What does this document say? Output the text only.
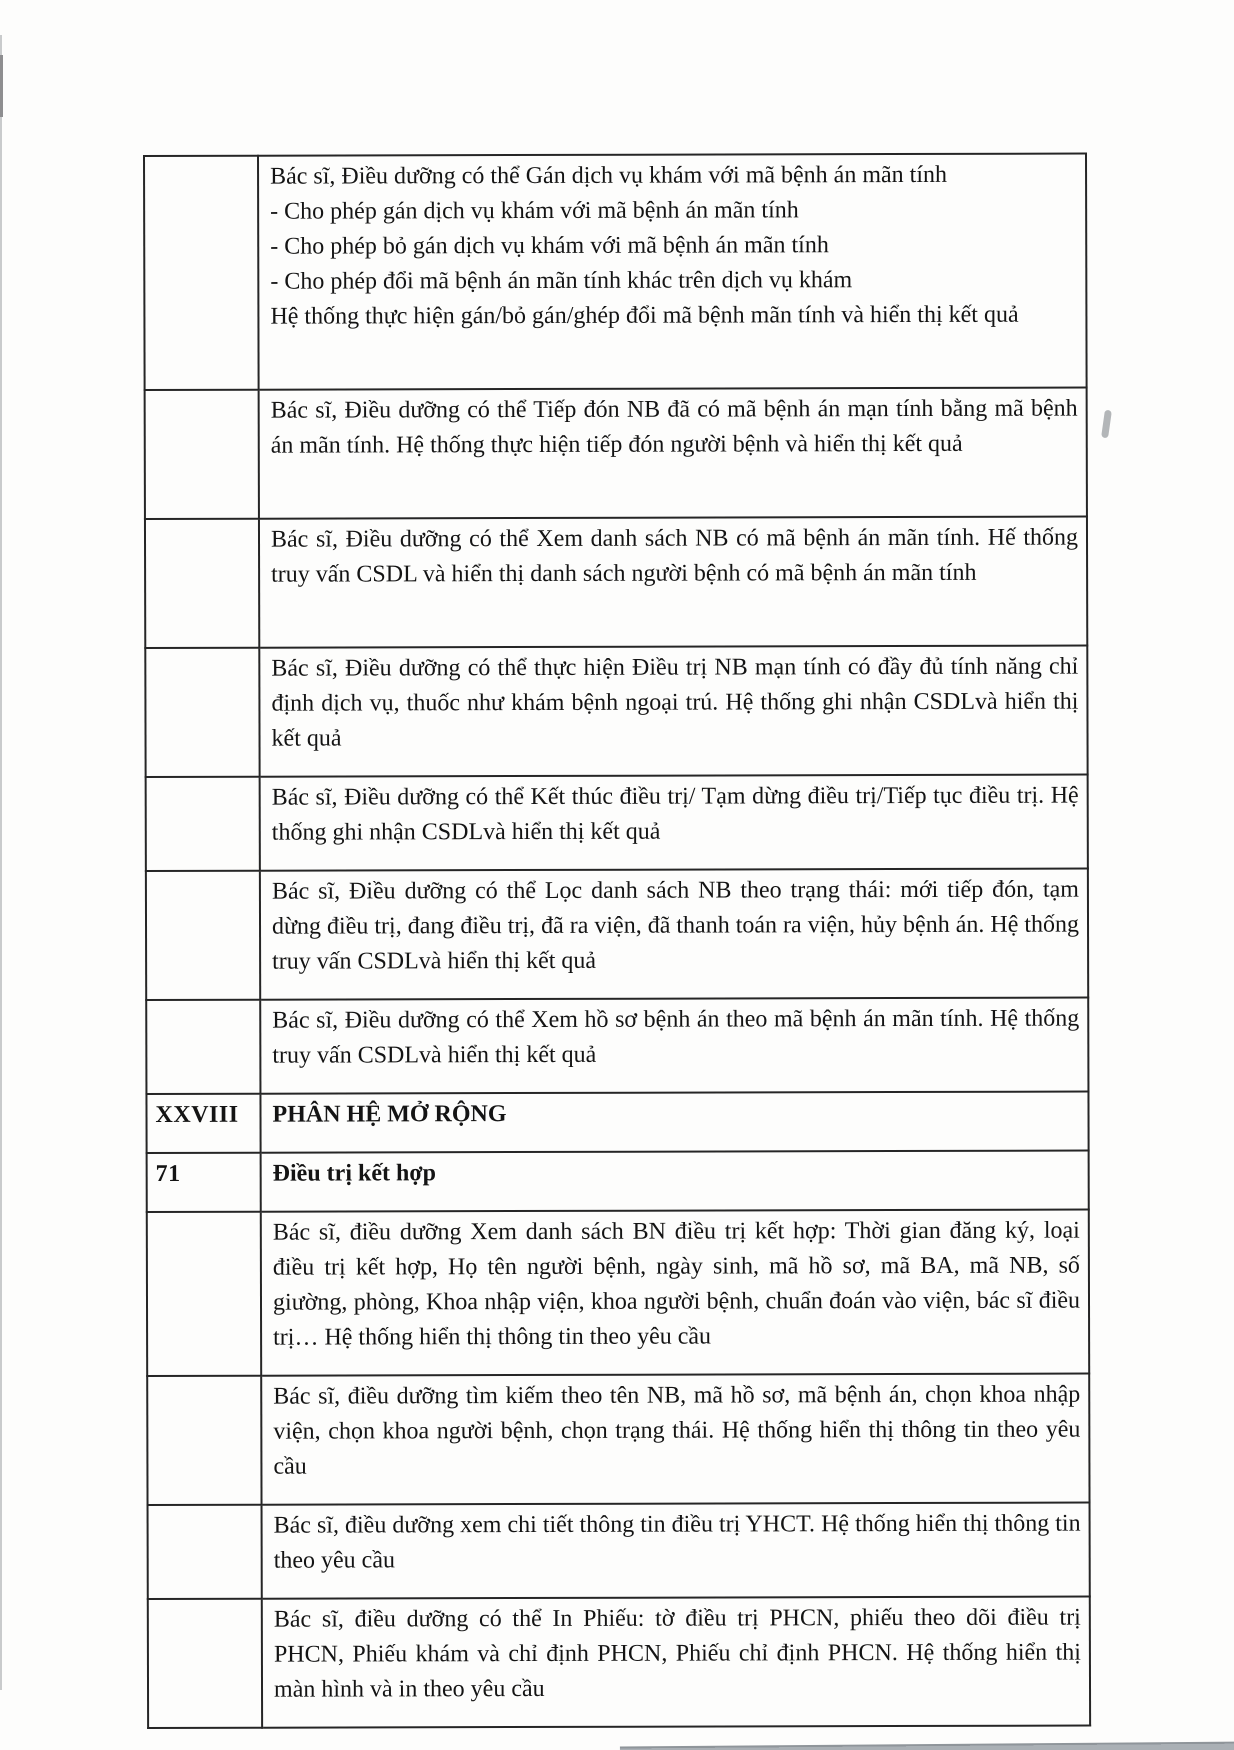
	Bác sĩ, Điều dưỡng có thể Gán dịch vụ khám với mã bệnh án mãn tính
- Cho phép gán dịch vụ khám với mã bệnh án mãn tính
- Cho phép bỏ gán dịch vụ khám với mã bệnh án mãn tính
- Cho phép đổi mã bệnh án mãn tính khác trên dịch vụ khám
Hệ thống thực hiện gán/bỏ gán/ghép đổi mã bệnh mãn tính và hiển thị kết quả
	Bác sĩ, Điều dưỡng có thể Tiếp đón NB đã có mã bệnh án mạn tính bằng mã bệnh án mãn tính. Hệ thống thực hiện tiếp đón người bệnh và hiển thị kết quả
	Bác sĩ, Điều dưỡng có thể Xem danh sách NB có mã bệnh án mãn tính. Hế thống truy vấn CSDL và hiển thị danh sách người bệnh có mã bệnh án mãn tính
	Bác sĩ, Điều dưỡng có thể thực hiện Điều trị NB mạn tính có đầy đủ tính năng chỉ định dịch vụ, thuốc như khám bệnh ngoại trú. Hệ thống ghi nhận CSDLvà hiển thị kết quả
	Bác sĩ, Điều dưỡng có thể Kết thúc điều trị/ Tạm dừng điều trị/Tiếp tục điều trị. Hệ thống ghi nhận CSDLvà hiển thị kết quả
	Bác sĩ, Điều dưỡng có thể Lọc danh sách NB theo trạng thái: mới tiếp đón, tạm dừng điều trị, đang điều trị, đã ra viện, đã thanh toán ra viện, hủy bệnh án. Hệ thống truy vấn CSDLvà hiển thị kết quả
	Bác sĩ, Điều dưỡng có thể Xem hồ sơ bệnh án theo mã bệnh án mãn tính. Hệ thống truy vấn CSDLvà hiển thị kết quả
XXVIII	PHÂN HỆ MỞ RỘNG
71	Điều trị kết hợp
	Bác sĩ, điều dưỡng Xem danh sách BN điều trị kết hợp: Thời gian đăng ký, loại điều trị kết hợp, Họ tên người bệnh, ngày sinh, mã hồ sơ, mã BA, mã NB, số giường, phòng, Khoa nhập viện, khoa người bệnh, chuẩn đoán vào viện, bác sĩ điều trị… Hệ thống hiển thị thông tin theo yêu cầu
	Bác sĩ, điều dưỡng tìm kiếm theo tên NB, mã hồ sơ, mã bệnh án, chọn khoa nhập viện, chọn khoa người bệnh, chọn trạng thái. Hệ thống hiển thị thông tin theo yêu cầu
	Bác sĩ, điều dưỡng xem chi tiết thông tin điều trị YHCT. Hệ thống hiển thị thông tin theo yêu cầu
	Bác sĩ, điều dưỡng có thể In Phiếu: tờ điều trị PHCN, phiếu theo dõi điều trị PHCN, Phiếu khám và chỉ định PHCN, Phiếu chỉ định PHCN. Hệ thống hiển thị màn hình và in theo yêu cầu
